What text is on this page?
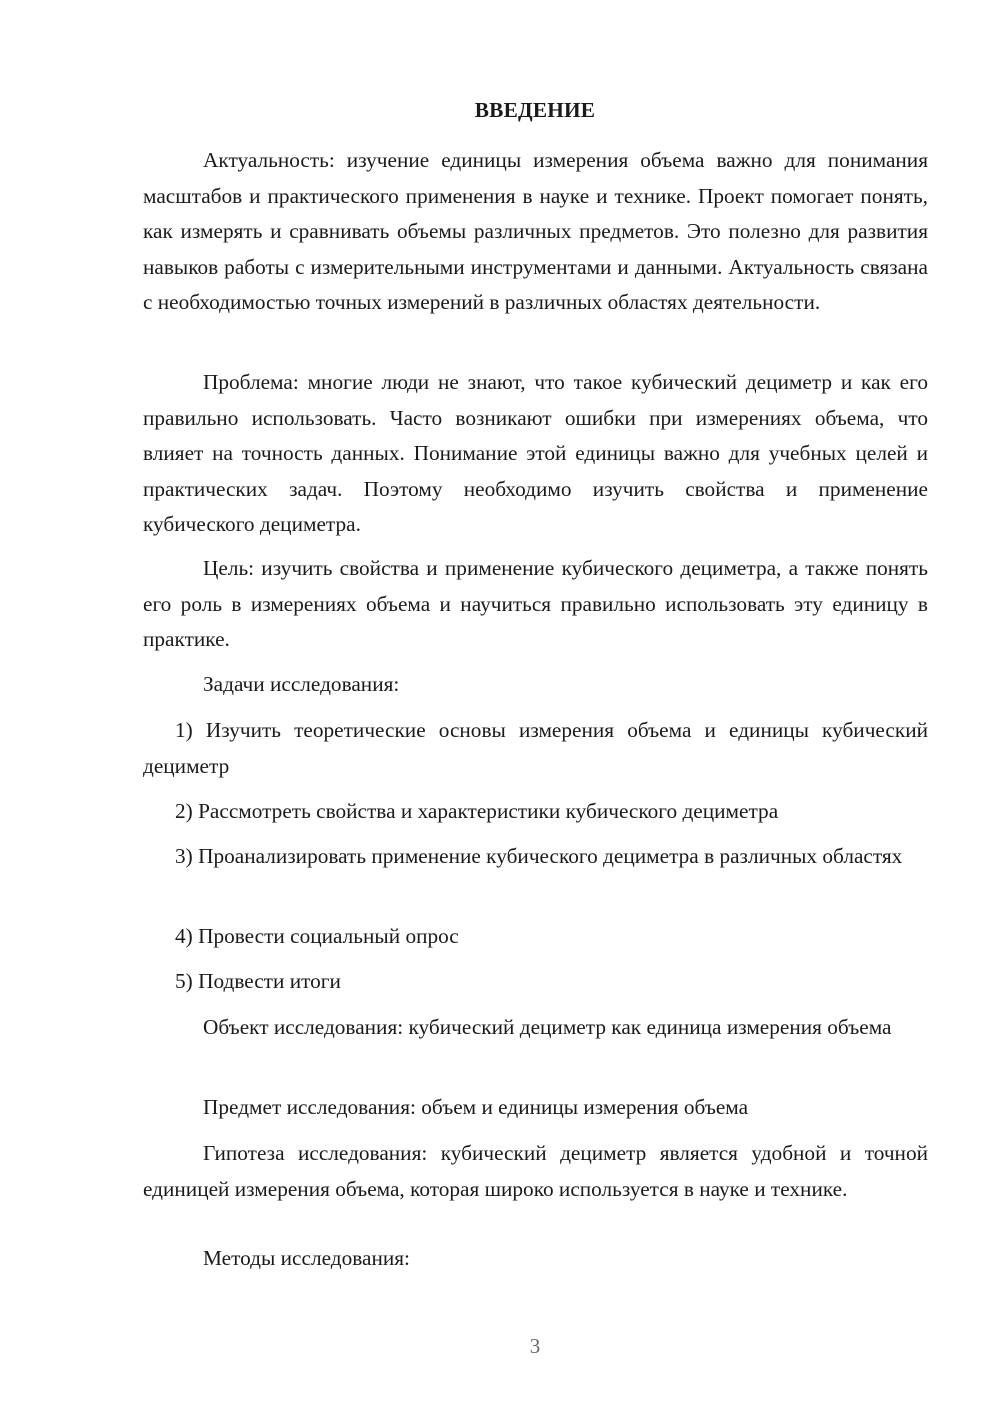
ВВЕДЕНИЕ

Актуальность: изучение единицы измерения объема важно для понимания масштабов и практического применения в науке и технике. Проект помогает понять, как измерять и сравнивать объемы различных предметов. Это полезно для развития навыков работы с измерительными инструментами и данными. Актуальность связана с необходимостью точных измерений в различных областях деятельности.

Проблема: многие люди не знают, что такое кубический дециметр и как его правильно использовать. Часто возникают ошибки при измерениях объема, что влияет на точность данных. Понимание этой единицы важно для учебных целей и практических задач. Поэтому необходимо изучить свойства и применение кубического дециметра.

Цель: изучить свойства и применение кубического дециметра, а также понять его роль в измерениях объема и научиться правильно использовать эту единицу в практике.

Задачи исследования:

1) Изучить теоретические основы измерения объема и единицы кубический дециметр

2) Рассмотреть свойства и характеристики кубического дециметра

3) Проанализировать применение кубического дециметра в различных областях

4) Провести социальный опрос

5) Подвести итоги

Объект исследования: кубический дециметр как единица измерения объема

Предмет исследования: объем и единицы измерения объема

Гипотеза исследования: кубический дециметр является удобной и точной единицей измерения объема, которая широко используется в науке и технике.

Методы исследования:

3
